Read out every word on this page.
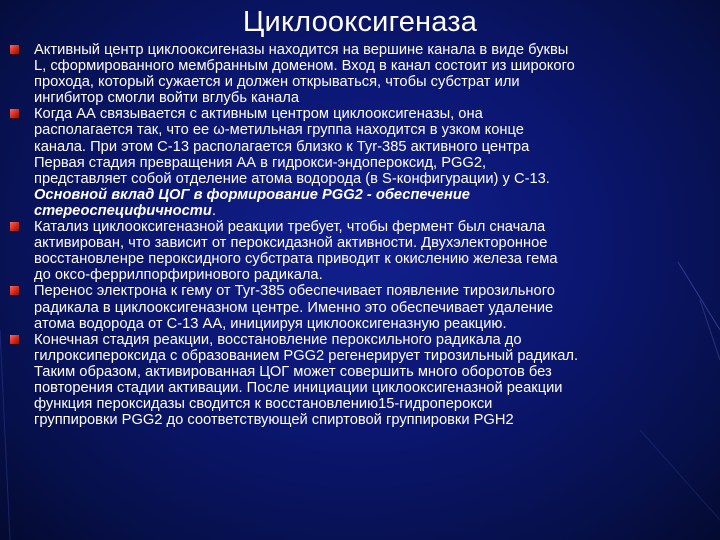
Циклооксигеназа
Активный центр циклооксигеназы находится на вершине канала в виде буквы
L, сформированного мембранным доменом. Вход в канал состоит из широкого
прохода, который сужается и должен открываться, чтобы субстрат или
ингибитор смогли войти вглубь канала
Когда АА связывается с активным центром циклооксигеназы, она
располагается так, что ее ω-метильная группа находится в узком конце
канала. При этом С-13 располагается близко к Tyr-385 активного центра
Первая стадия превращения АА в гидрокси-эндопероксид, PGG2,
представляет собой отделение атома водорода (в S-конфигурации) у С-13.
Основной вклад ЦОГ в формирование PGG2 - обеспечение
стереоспецифичности.
Катализ циклооксигеназной реакции требует, чтобы фермент был сначала
активирован, что зависит от пероксидазной активности. Двухэлекторонное
восстановленре пероксидного субстрата приводит к окислению железа гема
до оксо-феррилпорфиринового радикала.
Перенос электрона к гему от Tyr-385 обеспечивает появление тирозильного
радикала в циклооксигеназном центре. Именно это обеспечивает удаление
атома водорода от С-13 АА, инициируя циклооксигеназную реакцию.
Конечная стадия реакции, восстановление пероксильного радикала до
гилроксипероксида с образованием PGG2 регенерирует тирозильный радикал.
Таким образом, активированная ЦОГ может совершить много оборотов без
повторения стадии активации. После инициации циклооксигеназной реакции
функция пероксидазы сводится к восстановлению15-гидроперокси
группировки PGG2 до соответствующей спиртовой группировки PGH2
